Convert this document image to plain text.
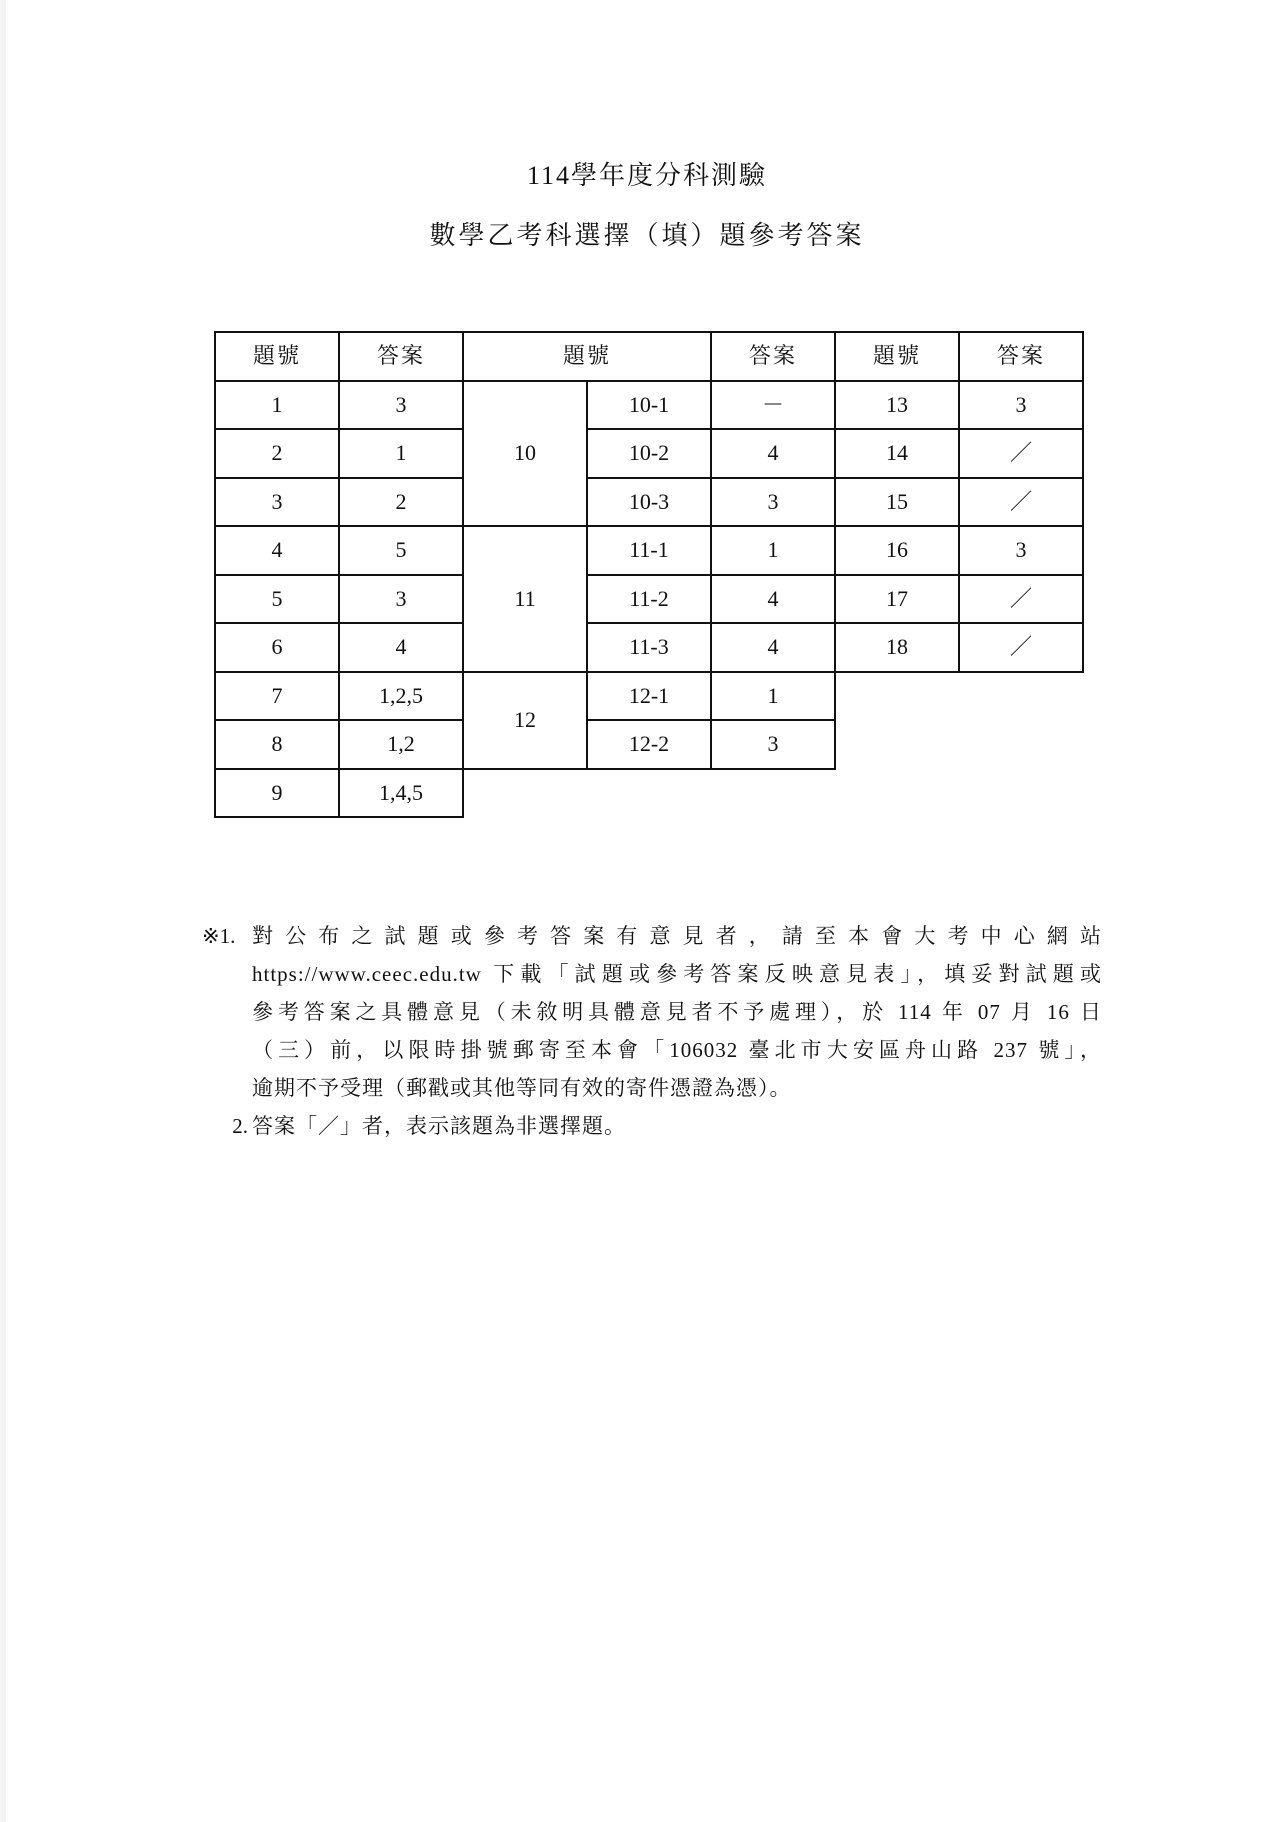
114學年度分科測驗
數學乙考科選擇（填）題參考答案
題號	答案	題號		答案	題號	答案
1	3	10	10-1	－	13	3
2	1		10-2	4	14	／
3	2		10-3	3	15	／
4	5	11	11-1	1	16	3
5	3		11-2	4	17	／
6	4		11-3	4	18	／
7	1,2,5	12	12-1	1		
8	1,2		12-2	3		
9	1,4,5					
※1. 對公布之試題或參考答案有意見者，請至本會大考中心網站
https://www.ceec.edu.tw 下載「試題或參考答案反映意見表」，填妥對試題或
參考答案之具體意見（未敘明具體意見者不予處理），於 114 年 07 月 16 日
（三）前，以限時掛號郵寄至本會「106032 臺北市大安區舟山路 237 號」，
逾期不予受理（郵戳或其他等同有效的寄件憑證為憑）。
2. 答案「／」者，表示該題為非選擇題。
